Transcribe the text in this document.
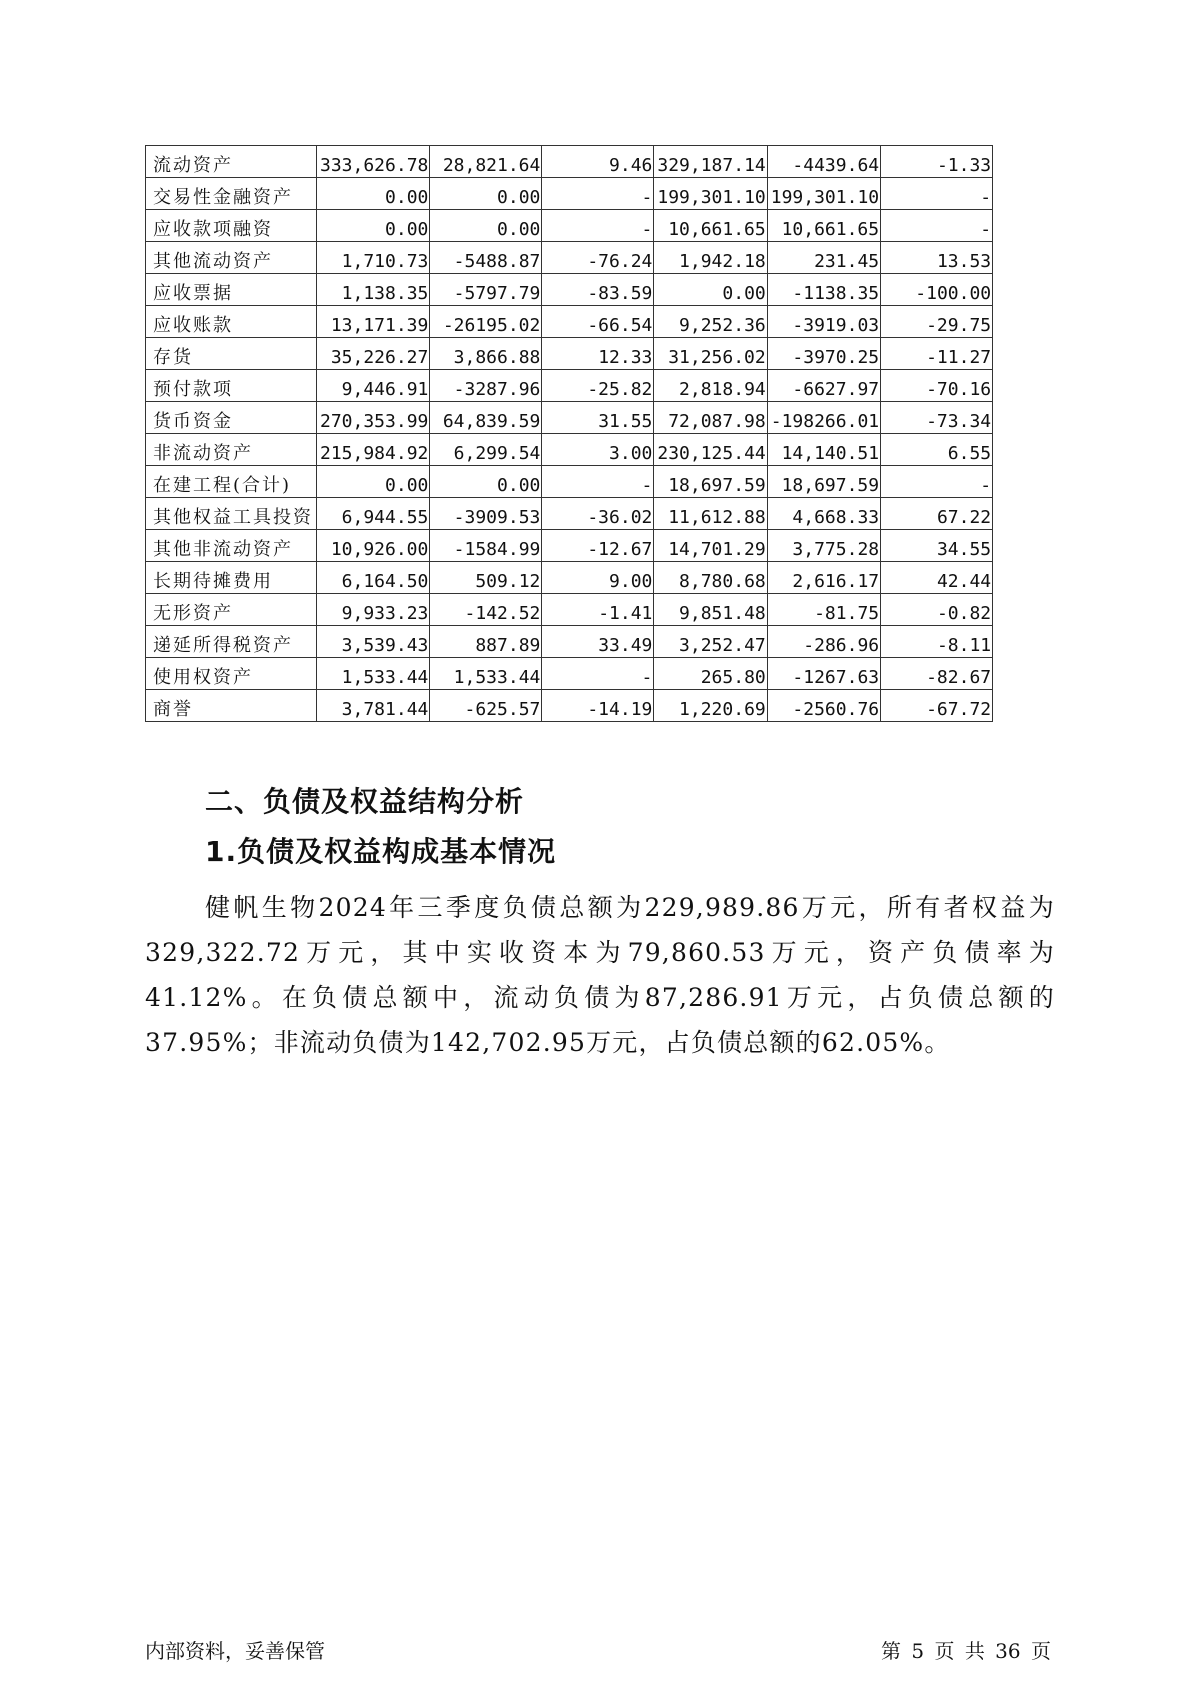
流动资产	333,626.78	28,821.64	9.46	329,187.14	-4439.64	-1.33
交易性金融资产	0.00	0.00	-	199,301.10	199,301.10	-
应收款项融资	0.00	0.00	-	10,661.65	10,661.65	-
其他流动资产	1,710.73	-5488.87	-76.24	1,942.18	231.45	13.53
应收票据	1,138.35	-5797.79	-83.59	0.00	-1138.35	-100.00
应收账款	13,171.39	-26195.02	-66.54	9,252.36	-3919.03	-29.75
存货	35,226.27	3,866.88	12.33	31,256.02	-3970.25	-11.27
预付款项	9,446.91	-3287.96	-25.82	2,818.94	-6627.97	-70.16
货币资金	270,353.99	64,839.59	31.55	72,087.98	-198266.01	-73.34
非流动资产	215,984.92	6,299.54	3.00	230,125.44	14,140.51	6.55
在建工程(合计)	0.00	0.00	-	18,697.59	18,697.59	-
其他权益工具投资	6,944.55	-3909.53	-36.02	11,612.88	4,668.33	67.22
其他非流动资产	10,926.00	-1584.99	-12.67	14,701.29	3,775.28	34.55
长期待摊费用	6,164.50	509.12	9.00	8,780.68	2,616.17	42.44
无形资产	9,933.23	-142.52	-1.41	9,851.48	-81.75	-0.82
递延所得税资产	3,539.43	887.89	33.49	3,252.47	-286.96	-8.11
使用权资产	1,533.44	1,533.44	-	265.80	-1267.63	-82.67
商誉	3,781.44	-625.57	-14.19	1,220.69	-2560.76	-67.72
二、负债及权益结构分析
1.负债及权益构成基本情况
健帆生物2024年三季度负债总额为229,989.86万元，所有者权益为329,322.72万元，其中实收资本为79,860.53万元，资产负债率为41.12%。在负债总额中，流动负债为87,286.91万元，占负债总额的37.95%；非流动负债为142,702.95万元，占负债总额的62.05%。
内部资料，妥善保管	第 5 页 共 36 页
